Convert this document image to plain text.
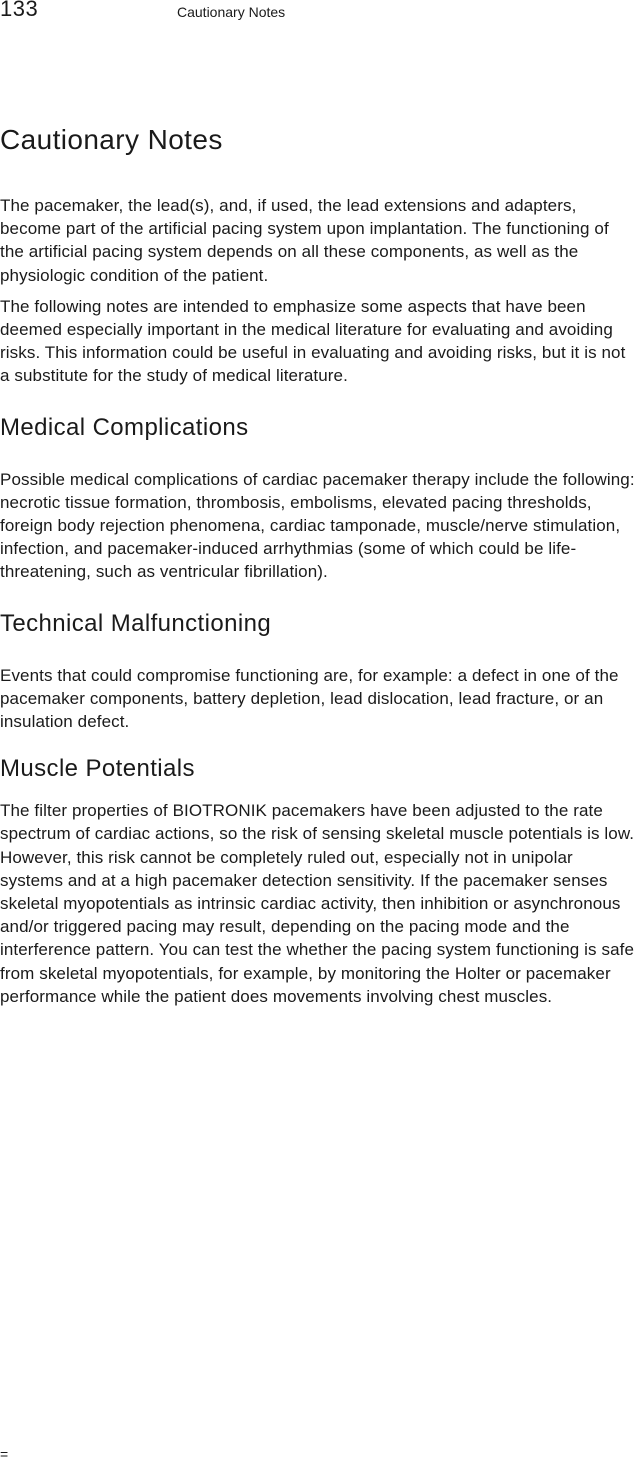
133	Cautionary Notes
Cautionary Notes

The pacemaker, the lead(s), and, if used, the lead extensions and adapters, become part of the artificial pacing system upon implantation. The functioning of the artificial pacing system depends on all these components, as well as the physiologic condition of the patient.

The following notes are intended to emphasize some aspects that have been deemed especially important in the medical literature for evaluating and avoiding risks. This information could be useful in evaluating and avoiding risks, but it is not a substitute for the study of medical literature.

Medical Complications

Possible medical complications of cardiac pacemaker therapy include the following: necrotic tissue formation, thrombosis, embolisms, elevated pacing thresholds, foreign body rejection phenomena, cardiac tamponade, muscle/nerve stimulation, infection, and pacemaker-induced arrhythmias (some of which could be life-threatening, such as ventricular fibrillation).

Technical Malfunctioning

Events that could compromise functioning are, for example: a defect in one of the pacemaker components, battery depletion, lead dislocation, lead fracture, or an insulation defect.

Muscle Potentials

The filter properties of BIOTRONIK pacemakers have been adjusted to the rate spectrum of cardiac actions, so the risk of sensing skeletal muscle potentials is low. However, this risk cannot be completely ruled out, especially not in unipolar systems and at a high pacemaker detection sensitivity. If the pacemaker senses skeletal myopotentials as intrinsic cardiac activity, then inhibition or asynchronous and/or triggered pacing may result, depending on the pacing mode and the interference pattern. You can test the whether the pacing system functioning is safe from skeletal myopotentials, for example, by monitoring the Holter or pacemaker performance while the patient does movements involving chest muscles.

=
